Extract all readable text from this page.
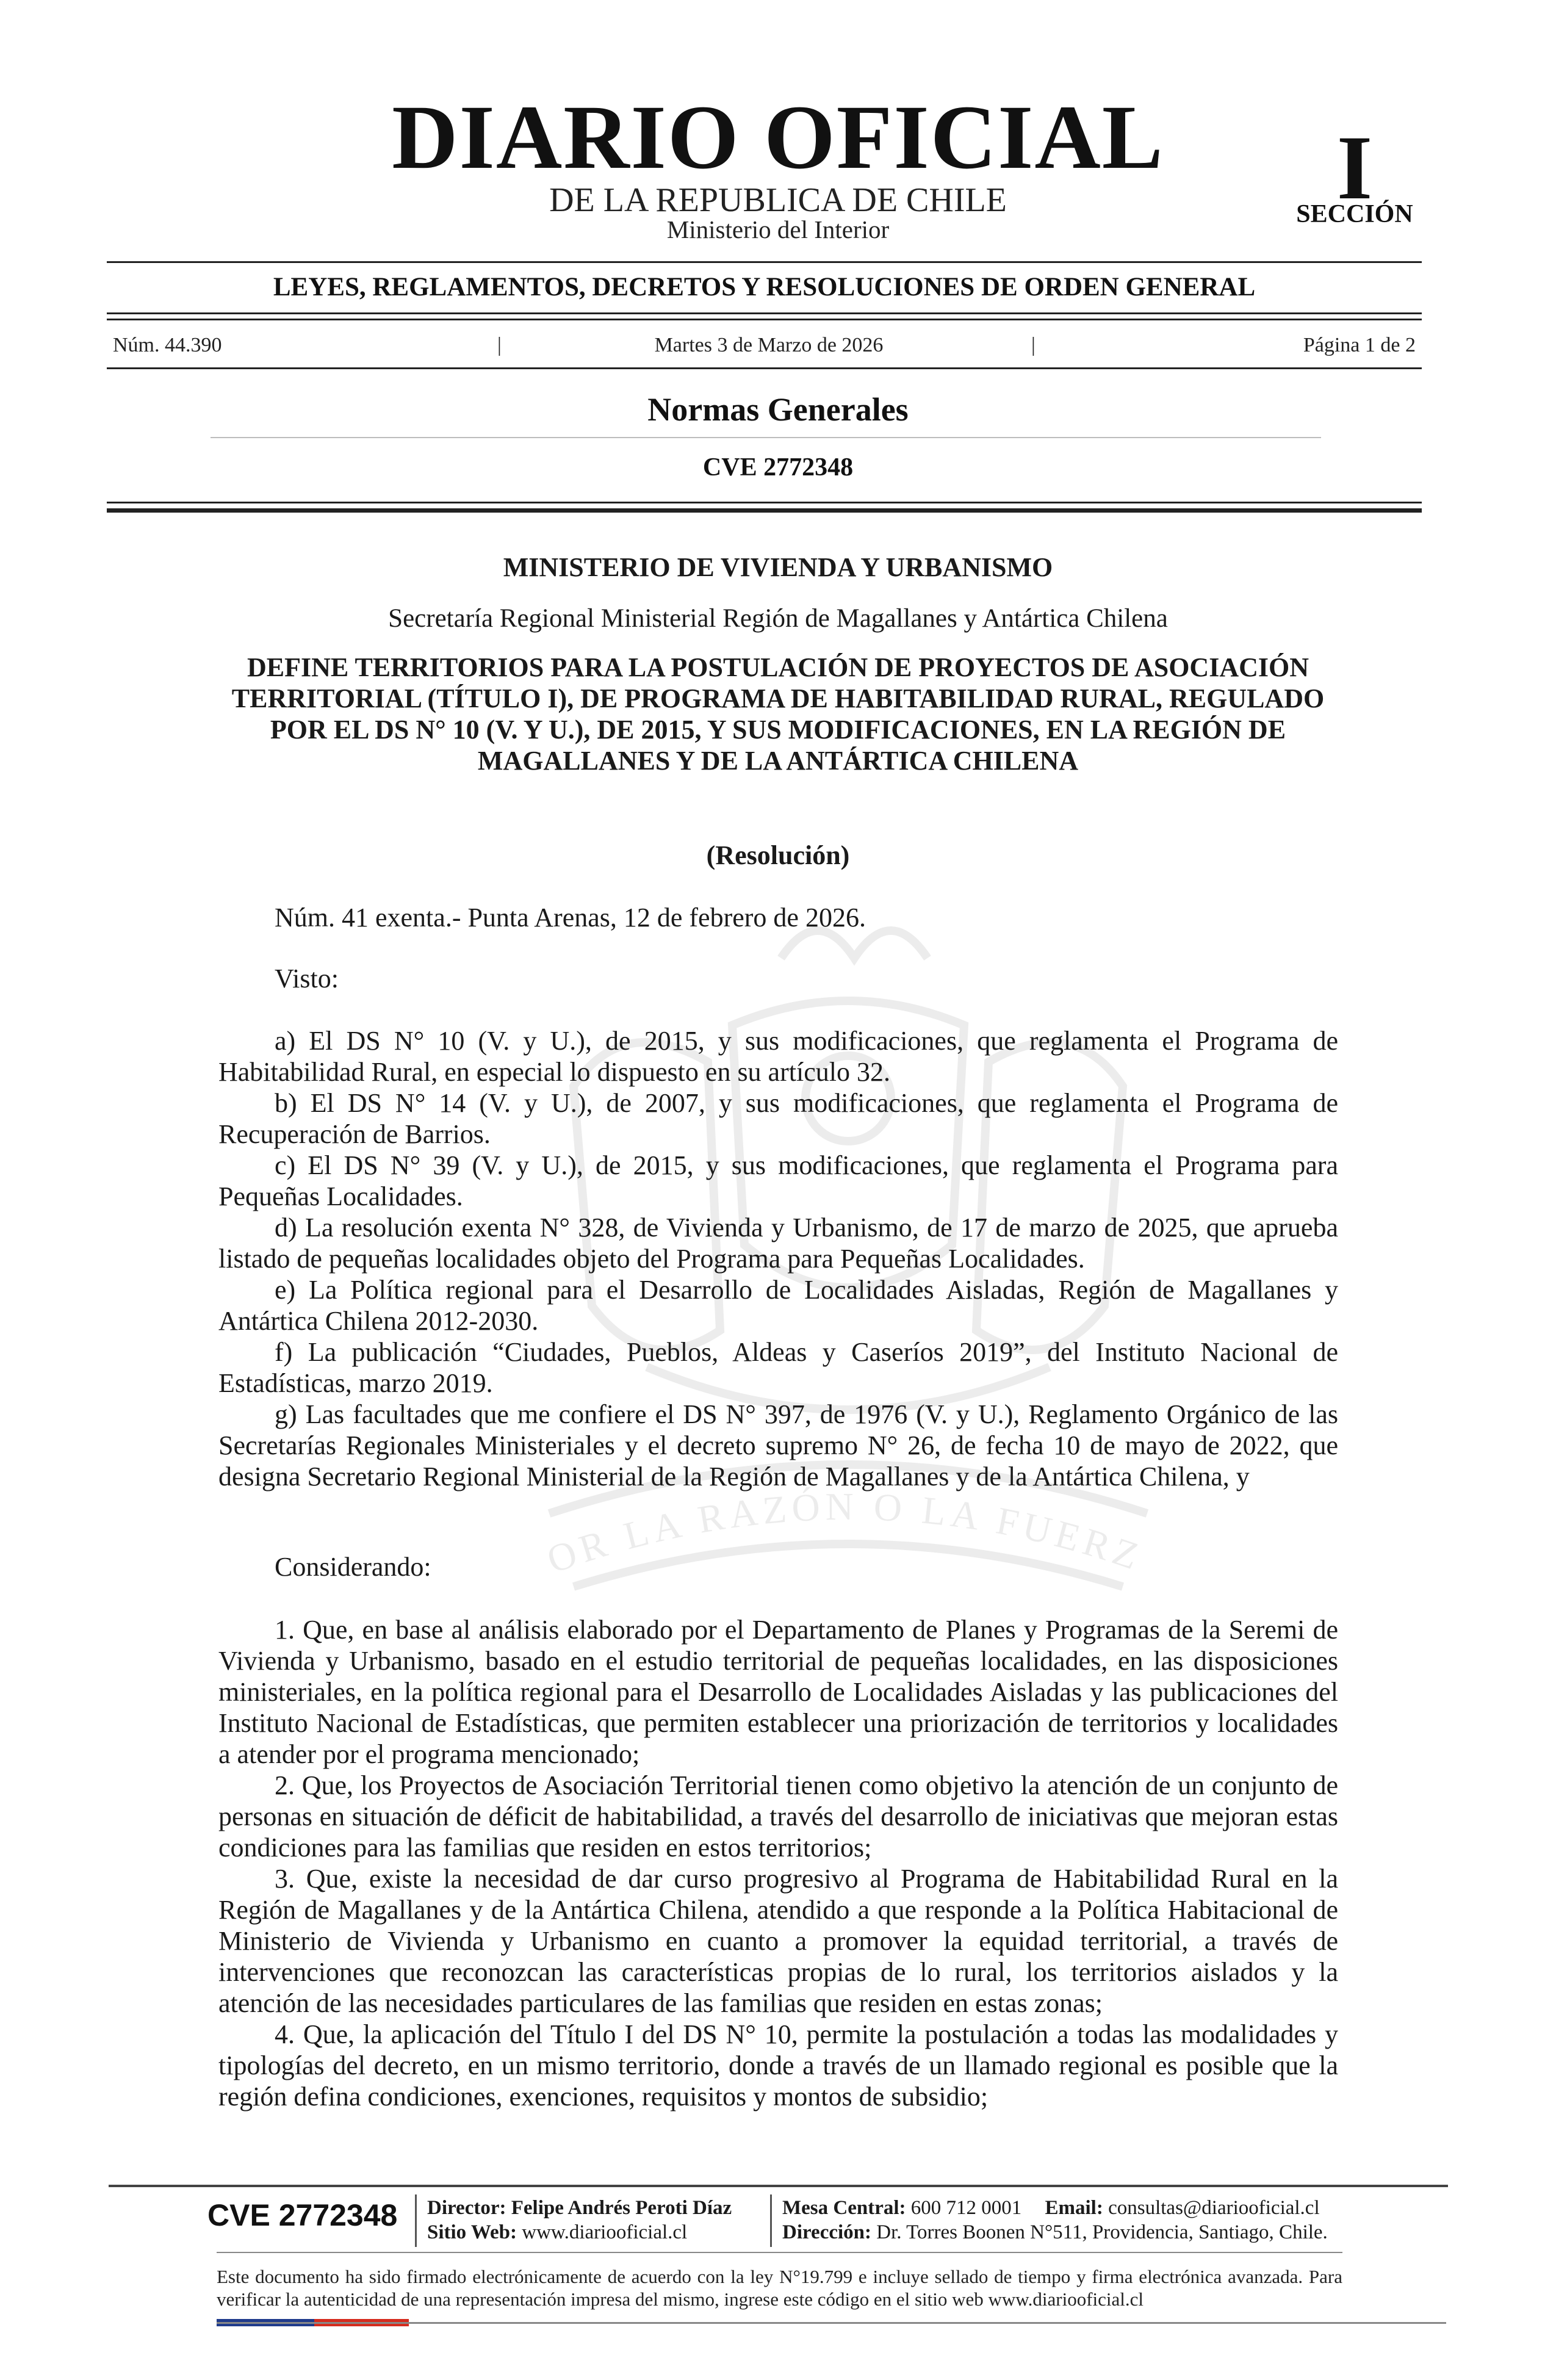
OR LA RAZÓN O LA FUERZ
DIARIO OFICIAL
DE LA REPUBLICA DE CHILE
Ministerio del Interior
I
SECCIÓN
LEYES, REGLAMENTOS, DECRETOS Y RESOLUCIONES DE ORDEN GENERAL
Núm. 44.390	|	Martes 3 de Marzo de 2026	|	Página 1 de 2
Normas Generales
CVE 2772348
MINISTERIO DE VIVIENDA Y URBANISMO
Secretaría Regional Ministerial Región de Magallanes y Antártica Chilena
DEFINE TERRITORIOS PARA LA POSTULACIÓN DE PROYECTOS DE ASOCIACIÓN TERRITORIAL (TÍTULO I), DE PROGRAMA DE HABITABILIDAD RURAL, REGULADO POR EL DS N° 10 (V. Y U.), DE 2015, Y SUS MODIFICACIONES, EN LA REGIÓN DE MAGALLANES Y DE LA ANTÁRTICA CHILENA
(Resolución)
Núm. 41 exenta.- Punta Arenas, 12 de febrero de 2026.
Visto:

a) El DS N° 10 (V. y U.), de 2015, y sus modificaciones, que reglamenta el Programa de Habitabilidad Rural, en especial lo dispuesto en su artículo 32.

b) El DS N° 14 (V. y U.), de 2007, y sus modificaciones, que reglamenta el Programa de Recuperación de Barrios.

c) El DS N° 39 (V. y U.), de 2015, y sus modificaciones, que reglamenta el Programa para Pequeñas Localidades.

d) La resolución exenta N° 328, de Vivienda y Urbanismo, de 17 de marzo de 2025, que aprueba listado de pequeñas localidades objeto del Programa para Pequeñas Localidades.

e) La Política regional para el Desarrollo de Localidades Aisladas, Región de Magallanes y Antártica Chilena 2012-2030.

f) La publicación “Ciudades, Pueblos, Aldeas y Caseríos 2019”, del Instituto Nacional de Estadísticas, marzo 2019.

g) Las facultades que me confiere el DS N° 397, de 1976 (V. y U.), Reglamento Orgánico de las Secretarías Regionales Ministeriales y el decreto supremo N° 26, de fecha 10 de mayo de 2022, que designa Secretario Regional Ministerial de la Región de Magallanes y de la Antártica Chilena, y

Considerando:

1. Que, en base al análisis elaborado por el Departamento de Planes y Programas de la Seremi de Vivienda y Urbanismo, basado en el estudio territorial de pequeñas localidades, en las disposiciones ministeriales, en la política regional para el Desarrollo de Localidades Aisladas y las publicaciones del Instituto Nacional de Estadísticas, que permiten establecer una priorización de territorios y localidades a atender por el programa mencionado;

2. Que, los Proyectos de Asociación Territorial tienen como objetivo la atención de un conjunto de personas en situación de déficit de habitabilidad, a través del desarrollo de iniciativas que mejoran estas condiciones para las familias que residen en estos territorios;

3. Que, existe la necesidad de dar curso progresivo al Programa de Habitabilidad Rural en la Región de Magallanes y de la Antártica Chilena, atendido a que responde a la Política Habitacional de Ministerio de Vivienda y Urbanismo en cuanto a promover la equidad territorial, a través de intervenciones que reconozcan las características propias de lo rural, los territorios aislados y la atención de las necesidades particulares de las familias que residen en estas zonas;

4. Que, la aplicación del Título I del DS N° 10, permite la postulación a todas las modalidades y tipologías del decreto, en un mismo territorio, donde a través de un llamado regional es posible que la región defina condiciones, exenciones, requisitos y montos de subsidio;

CVE 2772348 Director: Felipe Andrés Peroti Díaz
Sitio Web: www.diariooficial.cl
Mesa Central: 600 712 0001 Email: consultas@diariooficial.cl
Dirección: Dr. Torres Boonen N°511, Providencia, Santiago, Chile.
Este documento ha sido firmado electrónicamente de acuerdo con la ley N°19.799 e incluye sellado de tiempo y firma electrónica avanzada. Para verificar la autenticidad de una representación impresa del mismo, ingrese este código en el sitio web www.diariooficial.cl
